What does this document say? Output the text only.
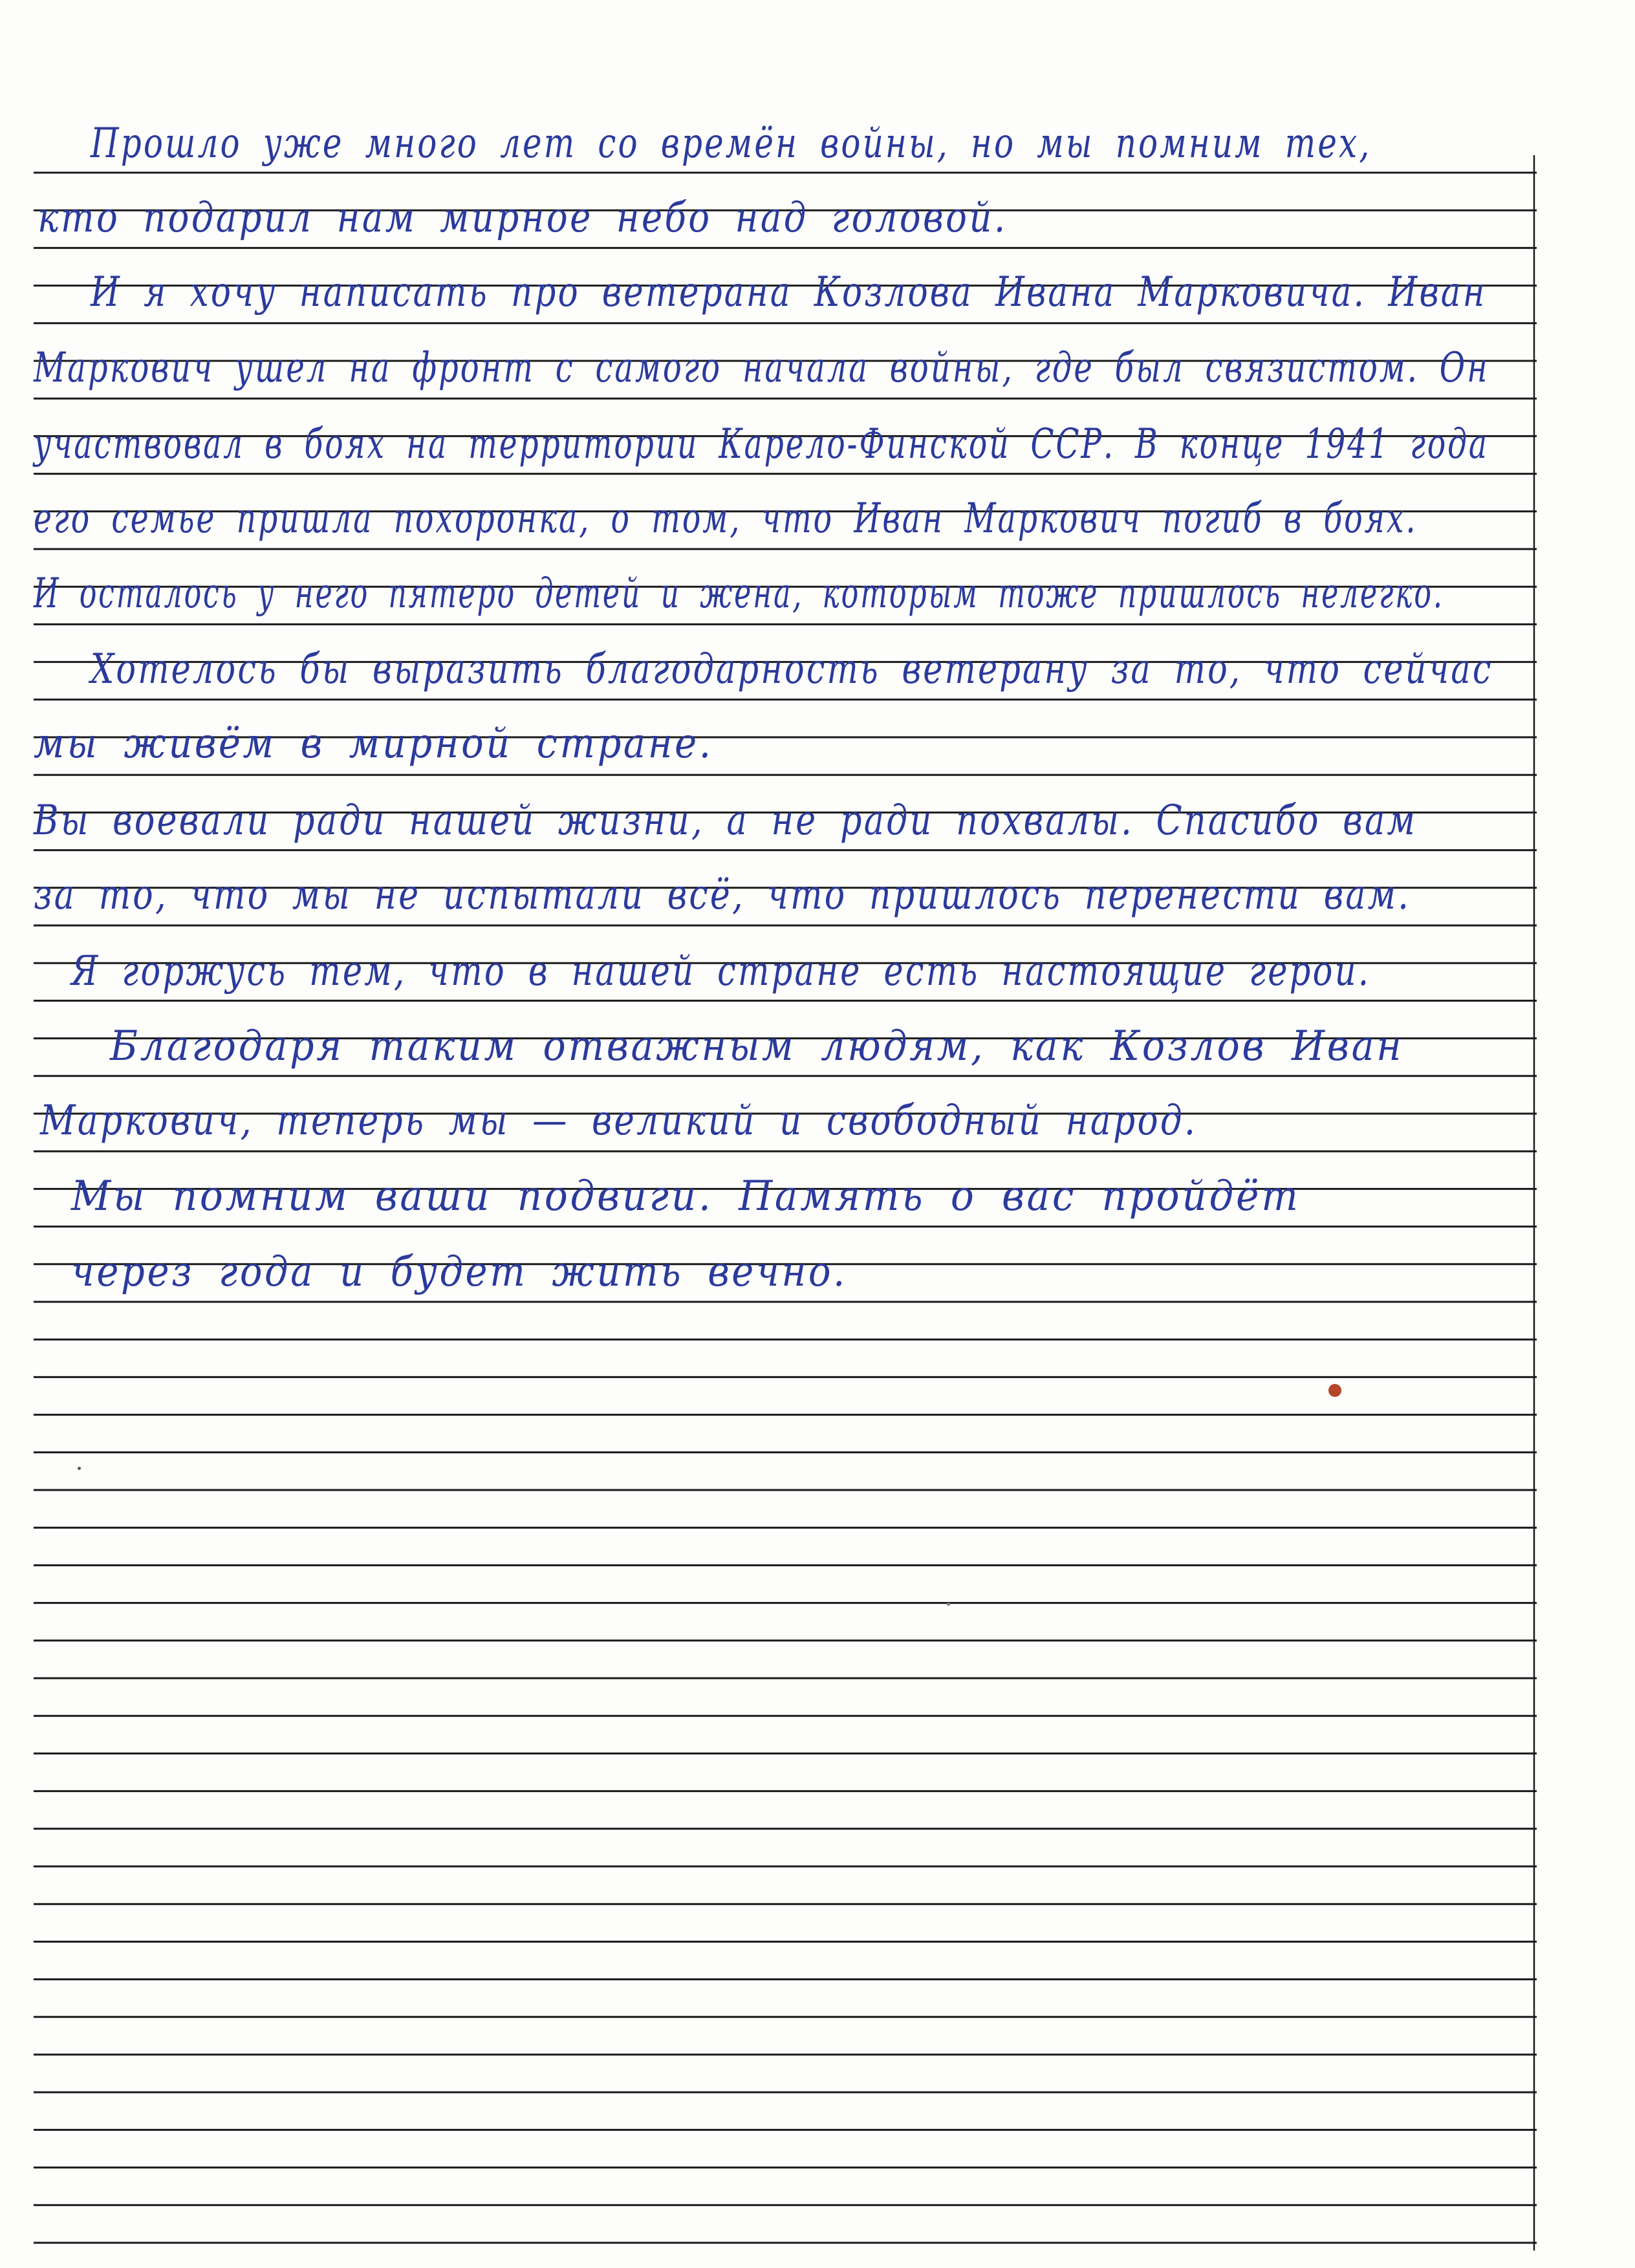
Прошло уже много лет со времён войны, но мы помним тех,
кто подарил нам мирное небо над головой.
И я хочу написать про ветерана Козлова Ивана Марковича. Иван
Маркович ушел на фронт с самого начала войны, где был связистом. Он
участвовал в боях на территории Карело-Финской ССР. В конце 1941 года
его семье пришла похоронка, о том, что Иван Маркович погиб в боях.
И осталось у него пятеро детей и жена, которым тоже пришлось нелегко.
Хотелось бы выразить благодарность ветерану за то, что сейчас
мы живём в мирной стране.
Вы воевали ради нашей жизни, а не ради похвалы. Спасибо вам
за то, что мы не испытали всё, что пришлось перенести вам.
Я горжусь тем, что в нашей стране есть настоящие герои.
Благодаря таким отважным людям, как Козлов Иван
Маркович, теперь мы — великий и свободный народ.
Мы помним ваши подвиги. Память о вас пройдёт
через года и будет жить вечно.
